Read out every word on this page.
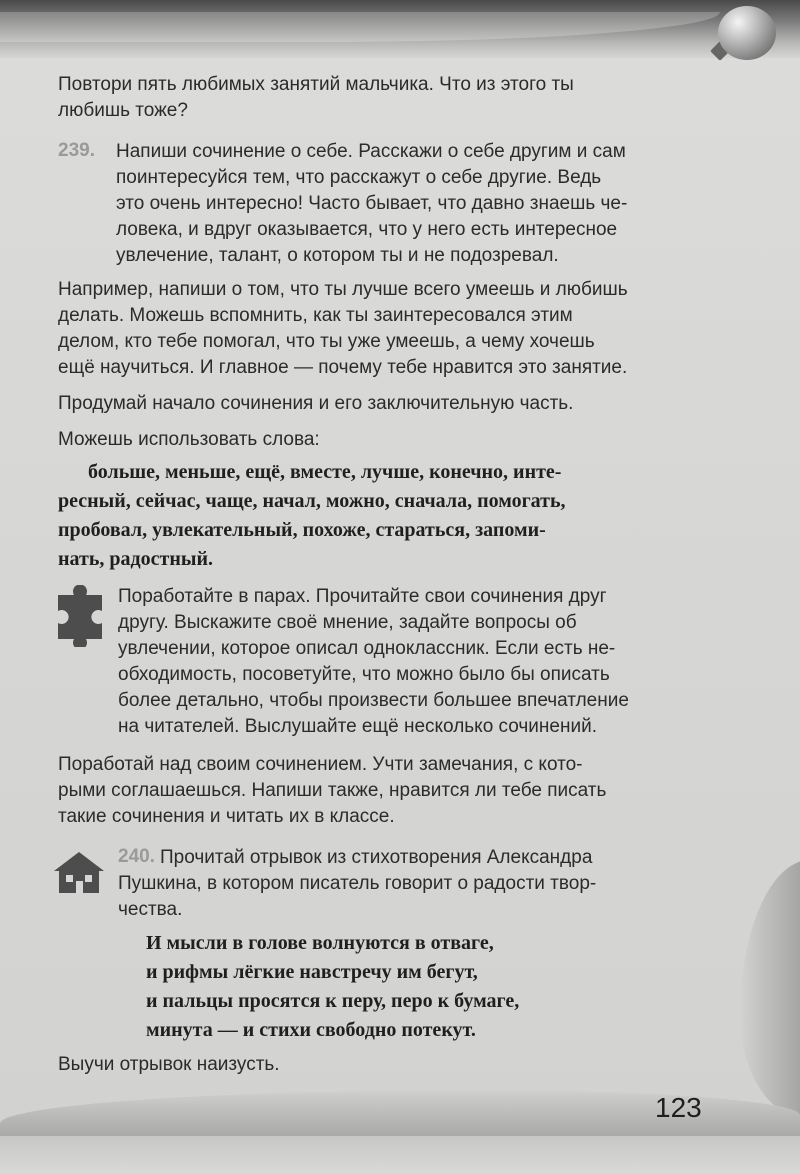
Повтори пять любимых занятий мальчика. Что из этого ты
любишь тоже?
239. Напиши сочинение о себе. Расскажи о себе другим и сам
поинтересуйся тем, что расскажут о себе другие. Ведь
это очень интересно! Часто бывает, что давно знаешь че-
ловека, и вдруг оказывается, что у него есть интересное
увлечение, талант, о котором ты и не подозревал.
Например, напиши о том, что ты лучше всего умеешь и любишь
делать. Можешь вспомнить, как ты заинтересовался этим
делом, кто тебе помогал, что ты уже умеешь, а чему хочешь
ещё научиться. И главное — почему тебе нравится это занятие.
Продумай начало сочинения и его заключительную часть.
Можешь использовать слова:
больше, меньше, ещё, вместе, лучше, конечно, инте-
ресный, сейчас, чаще, начал, можно, сначала, помогать,
пробовал, увлекательный, похоже, стараться, запоми-
нать, радостный.
Поработайте в парах. Прочитайте свои сочинения друг
другу. Выскажите своё мнение, задайте вопросы об
увлечении, которое описал одноклассник. Если есть не-
обходимость, посоветуйте, что можно было бы описать
более детально, чтобы произвести большее впечатление
на читателей. Выслушайте ещё несколько сочинений.
Поработай над своим сочинением. Учти замечания, с кото-
рыми соглашаешься. Напиши также, нравится ли тебе писать
такие сочинения и читать их в классе.
240. Прочитай отрывок из стихотворения Александра
Пушкина, в котором писатель говорит о радости твор-
чества.
И мысли в голове волнуются в отваге,
и рифмы лёгкие навстречу им бегут,
и пальцы просятся к перу, перо к бумаге,
минута — и стихи свободно потекут.
Выучи отрывок наизусть.
123
